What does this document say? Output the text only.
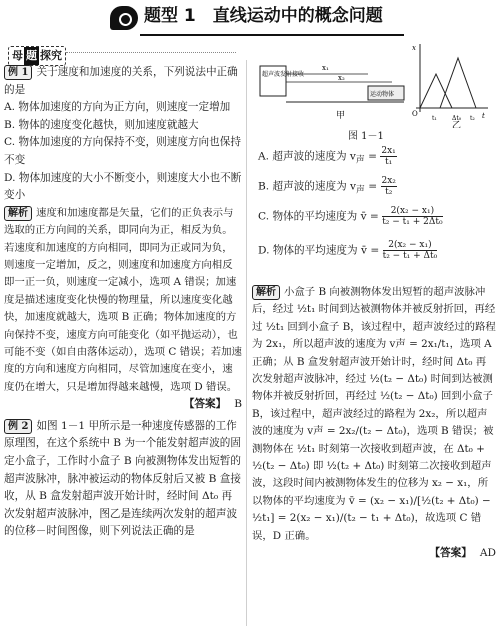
题型 1　直线运动中的概念问题
母 题 探究

例 1 关于速度和加速度的关系，下列说法中正确的是

A. 物体加速度的方向为正方向，则速度一定增加

B. 物体的速度变化越快，则加速度就越大

C. 物体加速度的方向保持不变，则速度方向也保持不变

D. 物体加速度的大小不断变小，则速度大小也不断变小

解析 速度和加速度都是矢量，它们的正负表示与选取的正方向间的关系，即同向为正，相反为负。若速度和加速度的方向相同，即同为正或同为负，则速度一定增加，反之，则速度和加速度方向相反即一正一负，则速度一定减小，选项 A 错误；加速度是描述速度变化快慢的物理量，所以速度变化越快，加速度就越大，选项 B 正确；物体加速度的方向保持不变，速度方向可能变化（如平抛运动），也可能不变（如自由落体运动），选项 C 错误；若加速度的方向和速度方向相同，尽管加速度在变小，速度仍在增大，只是增加得越来越慢，选项 D 错误。

【答案】 B

例 2 如图 1－1 甲所示是一种速度传感器的工作原理图，在这个系统中 B 为一个能发射超声波的固定小盒子，工作时小盒子 B 向被测物体发出短暂的超声波脉冲，脉冲被运动的物体反射后又被 B 盒接收，从 B 盒发射超声波开始计时，经时间 Δt₀ 再次发射超声波脉冲，图乙是连续两次发射的超声波的位移－时间图像，则下列说法正确的是

超声波发射接收
运动物体
x₁
x₂
甲	t
x
O
t₁	Δt₀ t₂
乙
图 1－1
A. 超声波的速度为 $v_声 = \frac{\text{2x₁}}{\text{t₁}}$
B. 超声波的速度为 $v_声 = \frac{\text{2x₂}}{\text{t₂}}$
C. 物体的平均速度为 v̄ = $\frac{\text{2(x₂ − x₁)}}{\text{t₂ − t₁ + 2Δt₀}}$
D. 物体的平均速度为 v̄ = $\frac{\text{2(x₂ − x₁)}}{\text{t₂ − t₁ + Δt₀}}$

解析 小盒子 B 向被测物体发出短暂的超声波脉冲后，经过 ½t₁ 时间到达被测物体并被反射折回，再经过 ½t₁ 回到小盒子 B，该过程中，超声波经过的路程为 2x₁，所以超声波的速度为 v声 = 2x₁/t₁，选项 A 正确；从 B 盒发射超声波开始计时，经时间 Δt₀ 再次发射超声波脉冲，经过 ½(t₂ − Δt₀) 时间到达被测物体并被反射折回，再经过 ½(t₂ − Δt₀) 回到小盒子 B，该过程中，超声波经过的路程为 2x₂，所以超声波的速度为 v声 = 2x₂/(t₂ − Δt₀)，选项 B 错误；被测物体在 ½t₁ 时刻第一次接收到超声波，在 Δt₀ + ½(t₂ − Δt₀) 即 ½(t₂ + Δt₀) 时刻第二次接收到超声波，这段时间内被测物体发生的位移为 x₂ − x₁，所以物体的平均速度为 v̄ = (x₂ − x₁)/[½(t₂ + Δt₀) − ½t₁] = 2(x₂ − x₁)/(t₂ − t₁ + Δt₀)，故选项 C 错误，D 正确。

【答案】 AD
